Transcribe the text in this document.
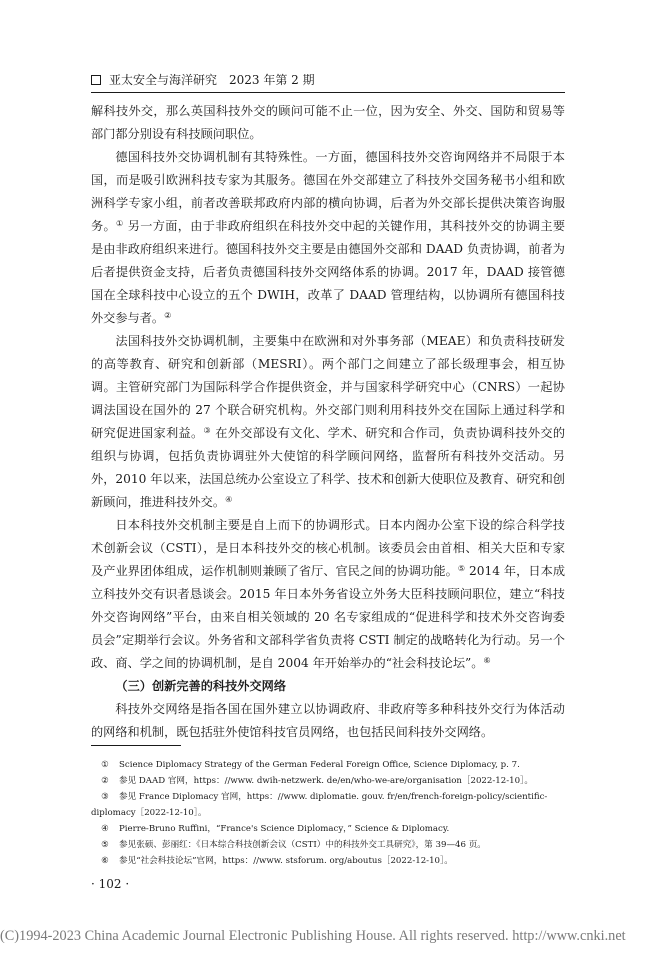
亚太安全与海洋研究 2023 年第 2 期

解科技外交，那么英国科技外交的顾问可能不止一位，因为安全、外交、国防和贸易等部门都分别设有科技顾问职位。

德国科技外交协调机制有其特殊性。一方面，德国科技外交咨询网络并不局限于本国，而是吸引欧洲科技专家为其服务。德国在外交部建立了科技外交国务秘书小组和欧洲科学专家小组，前者改善联邦政府内部的横向协调，后者为外交部长提供决策咨询服务。① 另一方面，由于非政府组织在科技外交中起的关键作用，其科技外交的协调主要是由非政府组织来进行。德国科技外交主要是由德国外交部和 DAAD 负责协调，前者为后者提供资金支持，后者负责德国科技外交网络体系的协调。2017 年，DAAD 接管德国在全球科技中心设立的五个 DWIH，改革了 DAAD 管理结构，以协调所有德国科技外交参与者。②

法国科技外交协调机制，主要集中在欧洲和对外事务部（MEAE）和负责科技研发的高等教育、研究和创新部（MESRI）。两个部门之间建立了部长级理事会，相互协调。主管研究部门为国际科学合作提供资金，并与国家科学研究中心（CNRS）一起协调法国设在国外的 27 个联合研究机构。外交部门则利用科技外交在国际上通过科学和研究促进国家利益。③ 在外交部设有文化、学术、研究和合作司，负责协调科技外交的组织与协调，包括负责协调驻外大使馆的科学顾问网络，监督所有科技外交活动。另外，2010 年以来，法国总统办公室设立了科学、技术和创新大使职位及教育、研究和创新顾问，推进科技外交。④

日本科技外交机制主要是自上而下的协调形式。日本内阁办公室下设的综合科学技术创新会议（CSTI），是日本科技外交的核心机制。该委员会由首相、相关大臣和专家及产业界团体组成，运作机制则兼顾了省厅、官民之间的协调功能。⑤ 2014 年，日本成立科技外交有识者恳谈会。2015 年日本外务省设立外务大臣科技顾问职位，建立“科技外交咨询网络”平台，由来自相关领域的 20 名专家组成的“促进科学和技术外交咨询委员会”定期举行会议。外务省和文部科学省负责将 CSTI 制定的战略转化为行动。另一个政、商、学之间的协调机制，是自 2004 年开始举办的“社会科技论坛”。⑥

（三）创新完善的科技外交网络

科技外交网络是指各国在国外建立以协调政府、非政府等多种科技外交行为体活动的网络和机制，既包括驻外使馆科技官员网络，也包括民间科技外交网络。

①	Science Diplomacy Strategy of the German Federal Foreign Office, Science Diplomacy, p. 7.
②	参见 DAAD 官网，https：//www. dwih-netzwerk. de/en/who-we-are/organisation［2022-12-10］。
③ 参见 France Diplomacy 官网，https：//www. diplomatie. gouv. fr/en/french-foreign-policy/scientific-diplomacy［2022-12-10］。
④	Pierre-Bruno Ruffini，“France's Science Diplomacy，” Science & Diplomacy.
⑤	参见张硕、彭丽红：《日本综合科技创新会议（CSTI）中的科技外交工具研究》，第 39—46 页。
⑥	参见“社会科技论坛”官网，https：//www. stsforum. org/aboutus［2022-12-10］。
· 102 ·
(C)1994-2023 China Academic Journal Electronic Publishing House. All rights reserved. http://www.cnki.net
